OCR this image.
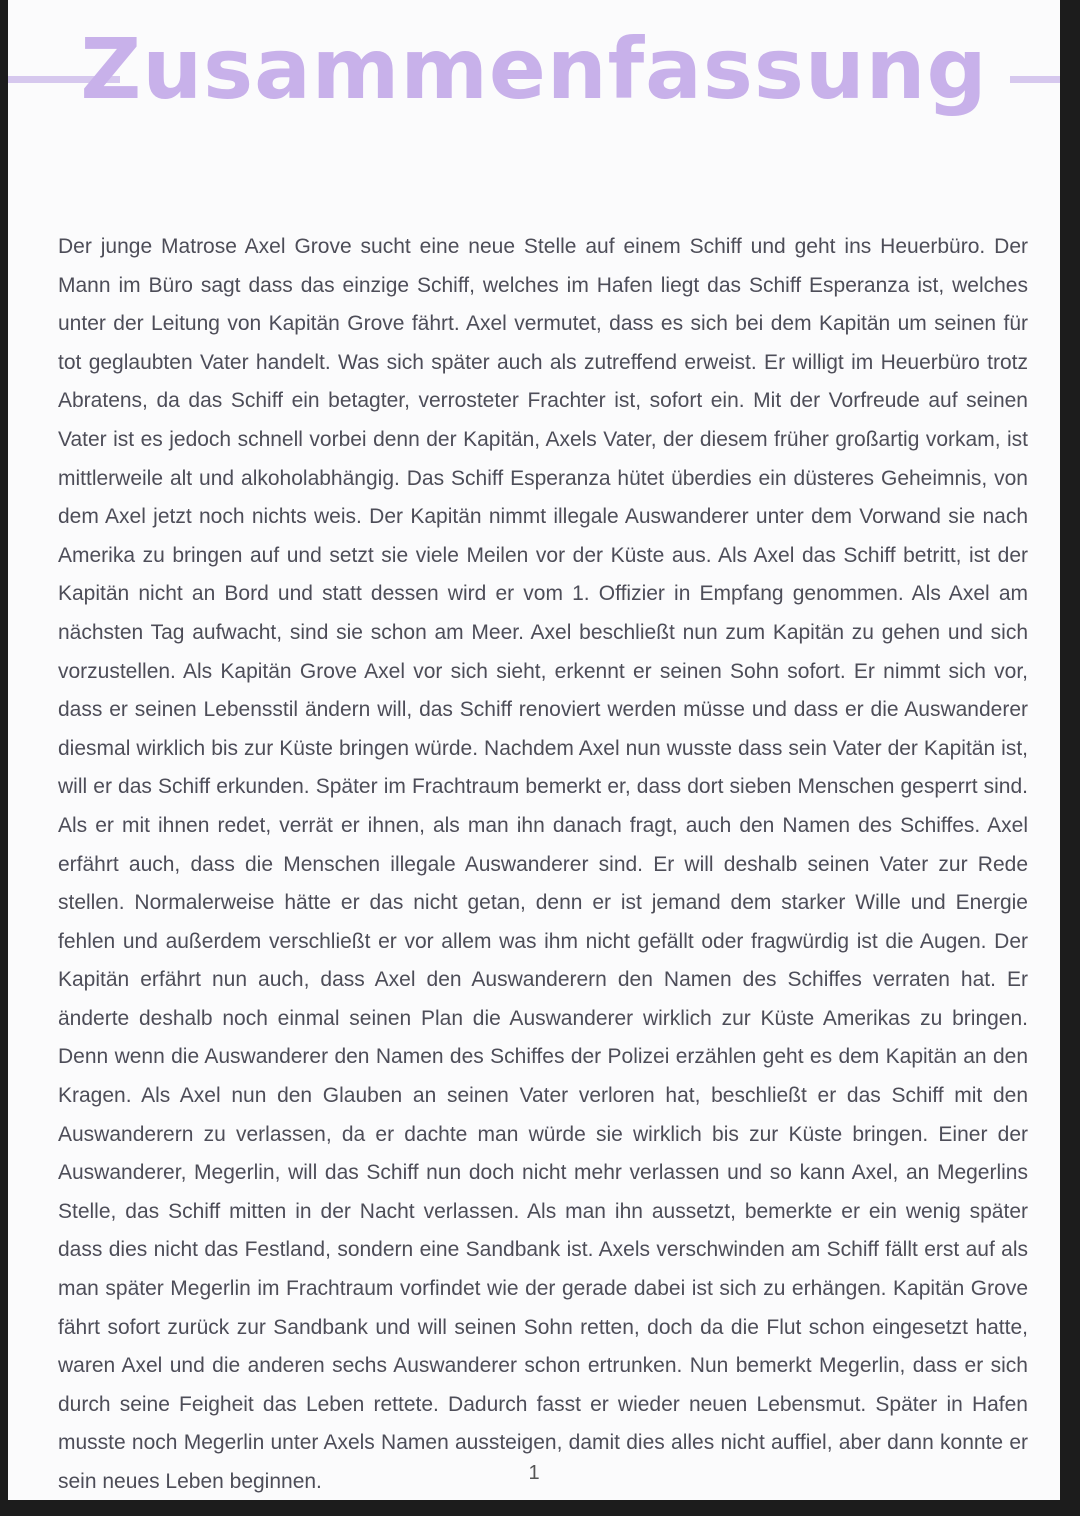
Zusammenfassung

Der junge Matrose Axel Grove sucht eine neue Stelle auf einem Schiff und geht ins Heuerbüro. Der Mann im Büro sagt dass das einzige Schiff, welches im Hafen liegt das Schiff Esperanza ist, welches unter der Leitung von Kapitän Grove fährt. Axel vermutet, dass es sich bei dem Kapitän um seinen für tot geglaubten Vater handelt. Was sich später auch als zutreffend erweist. Er willigt im Heuerbüro trotz Abratens, da das Schiff ein betagter, verrosteter Frachter ist, sofort ein. Mit der Vorfreude auf seinen Vater ist es jedoch schnell vorbei denn der Kapitän, Axels Vater, der diesem früher großartig vorkam, ist mittlerweile alt und alkoholabhängig. Das Schiff Esperanza hütet überdies ein düsteres Geheimnis, von dem Axel jetzt noch nichts weis. Der Kapitän nimmt illegale Auswanderer unter dem Vorwand sie nach Amerika zu bringen auf und setzt sie viele Meilen vor der Küste aus. Als Axel das Schiff betritt, ist der Kapitän nicht an Bord und statt dessen wird er vom 1. Offizier in Empfang genommen. Als Axel am nächsten Tag aufwacht, sind sie schon am Meer. Axel beschließt nun zum Kapitän zu gehen und sich vorzustellen. Als Kapitän Grove Axel vor sich sieht, erkennt er seinen Sohn sofort. Er nimmt sich vor, dass er seinen Lebensstil ändern will, das Schiff renoviert werden müsse und dass er die Auswanderer diesmal wirklich bis zur Küste bringen würde. Nachdem Axel nun wusste dass sein Vater der Kapitän ist, will er das Schiff erkunden. Später im Frachtraum bemerkt er, dass dort sieben Menschen gesperrt sind. Als er mit ihnen redet, verrät er ihnen, als man ihn danach fragt, auch den Namen des Schiffes. Axel erfährt auch, dass die Menschen illegale Auswanderer sind. Er will deshalb seinen Vater zur Rede stellen. Normalerweise hätte er das nicht getan, denn er ist jemand dem starker Wille und Energie fehlen und außerdem verschließt er vor allem was ihm nicht gefällt oder fragwürdig ist die Augen. Der Kapitän erfährt nun auch, dass Axel den Auswanderern den Namen des Schiffes verraten hat. Er änderte deshalb noch einmal seinen Plan die Auswanderer wirklich zur Küste Amerikas zu bringen. Denn wenn die Auswanderer den Namen des Schiffes der Polizei erzählen geht es dem Kapitän an den Kragen. Als Axel nun den Glauben an seinen Vater verloren hat, beschließt er das Schiff mit den Auswanderern zu verlassen, da er dachte man würde sie wirklich bis zur Küste bringen. Einer der Auswanderer, Megerlin, will das Schiff nun doch nicht mehr verlassen und so kann Axel, an Megerlins Stelle, das Schiff mitten in der Nacht verlassen. Als man ihn aussetzt, bemerkte er ein wenig später dass dies nicht das Festland, sondern eine Sandbank ist. Axels verschwinden am Schiff fällt erst auf als man später Megerlin im Frachtraum vorfindet wie der gerade dabei ist sich zu erhängen. Kapitän Grove fährt sofort zurück zur Sandbank und will seinen Sohn retten, doch da die Flut schon eingesetzt hatte, waren Axel und die anderen sechs Auswanderer schon ertrunken. Nun bemerkt Megerlin, dass er sich durch seine Feigheit das Leben rettete. Dadurch fasst er wieder neuen Lebensmut. Später in Hafen musste noch Megerlin unter Axels Namen aussteigen, damit dies alles nicht auffiel, aber dann konnte er sein neues Leben beginnen.	1
